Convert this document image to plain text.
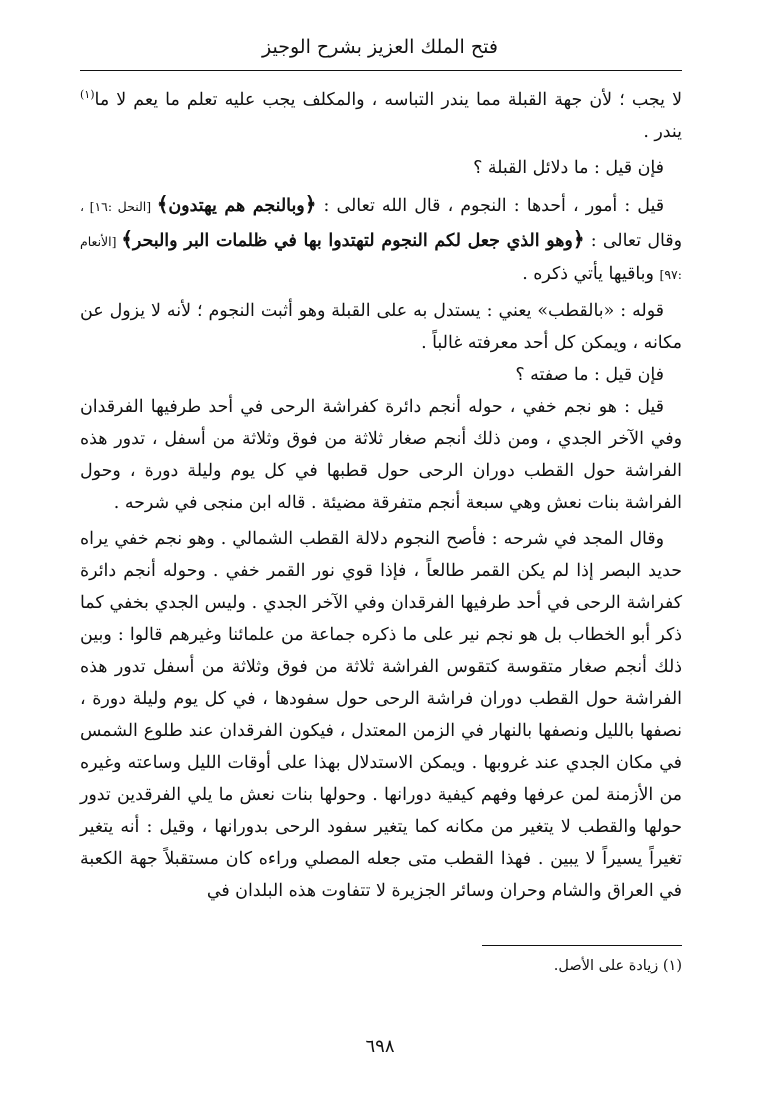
فتح الملك العزيز بشرح الوجيز

لا يجب ؛ لأن جهة القبلة مما يندر التباسه ، والمكلف يجب عليه تعلم ما يعم لا ما$^{(١)}$ يندر .

فإن قيل : ما دلائل القبلة ؟

قيل : أمور ، أحدها : النجوم ، قال الله تعالى : ﴿وبالنجم هم يهتدون﴾ [النحل :١٦] ، وقال تعالى : ﴿وهو الذي جعل لكم النجوم لتهتدوا بها في ظلمات البر والبحر﴾ [الأنعام :٩٧] وباقيها يأتي ذكره .

قوله : «بالقطب» يعني : يستدل به على القبلة وهو أثبت النجوم ؛ لأنه لا يزول عن مكانه ، ويمكن كل أحد معرفته غالباً .

فإن قيل : ما صفته ؟

قيل : هو نجم خفي ، حوله أنجم دائرة كفراشة الرحى في أحد طرفيها الفرقدان وفي الآخر الجدي ، ومن ذلك أنجم صغار ثلاثة من فوق وثلاثة من أسفل ، تدور هذه الفراشة حول القطب دوران الرحى حول قطبها في كل يوم وليلة دورة ، وحول الفراشة بنات نعش وهي سبعة أنجم متفرقة مضيئة . قاله ابن منجى في شرحه .

وقال المجد في شرحه : فأصح النجوم دلالة القطب الشمالي . وهو نجم خفي يراه حديد البصر إذا لم يكن القمر طالعاً ، فإذا قوي نور القمر خفي . وحوله أنجم دائرة كفراشة الرحى في أحد طرفيها الفرقدان وفي الآخر الجدي . وليس الجدي بخفي كما ذكر أبو الخطاب بل هو نجم نير على ما ذكره جماعة من علمائنا وغيرهم قالوا : وبين ذلك أنجم صغار متقوسة كتقوس الفراشة ثلاثة من فوق وثلاثة من أسفل تدور هذه الفراشة حول القطب دوران فراشة الرحى حول سفودها ، في كل يوم وليلة دورة ، نصفها بالليل ونصفها بالنهار في الزمن المعتدل ، فيكون الفرقدان عند طلوع الشمس في مكان الجدي عند غروبها . ويمكن الاستدلال بهذا على أوقات الليل وساعته وغيره من الأزمنة لمن عرفها وفهم كيفية دورانها . وحولها بنات نعش ما يلي الفرقدين تدور حولها والقطب لا يتغير من مكانه كما يتغير سفود الرحى بدورانها ، وقيل : أنه يتغير تغيراً يسيراً لا يبين . فهذا القطب متى جعله المصلي وراءه كان مستقبلاً جهة الكعبة في العراق والشام وحران وسائر الجزيرة لا تتفاوت هذه البلدان في

(١) زيادة على الأصل.
٦٩٨
